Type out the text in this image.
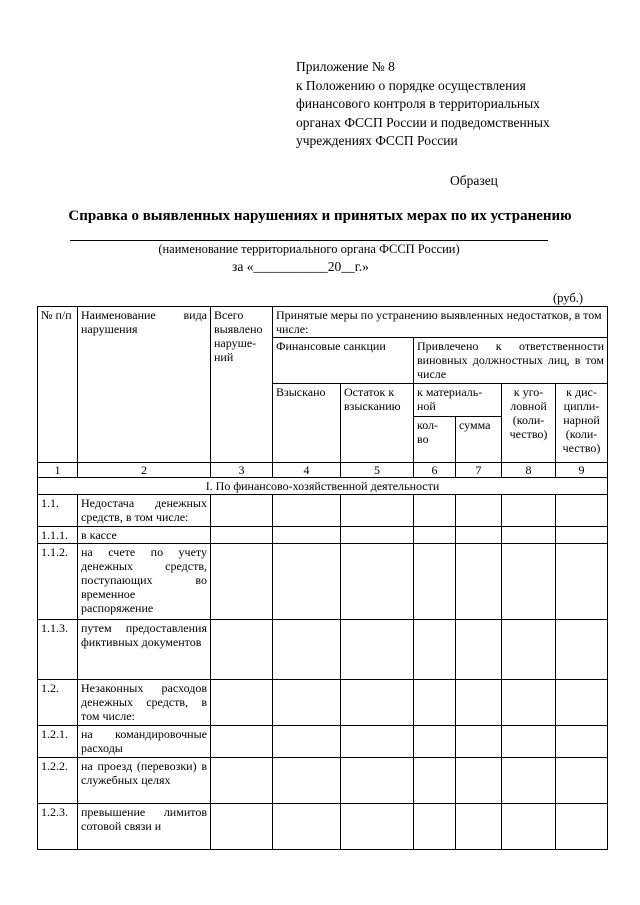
Приложение № 8
к Положению о порядке осуществления
финансового контроля в территориальных
органах ФССП России и подведомственных
учреждениях ФССП России
Образец
Справка о выявленных нарушениях и принятых мерах по их устранению
(наименование территориального органа ФССП России)
за «___________20__г.»
(руб.)
№ п/п	Наименование вида нарушения	Всего выявлено наруше- ний	Принятые меры по устранению выявленных недостатков, в том числе:					
			Финансовые санкции		Привлечено к ответственности виновных должностных лиц, в том числе			
			Взыскано	Остаток к взысканию	к материаль- ной		к уго- ловной (коли- чество)	к дис- ципли- нарной (коли- чество)
					кол- во	сумма		
1	2	3	4	5	6	7	8	9
I. По финансово-хозяйственной деятельности								
1.1.	Недостача денежных средств, в том числе:							
1.1.1.	в кассе							
1.1.2.	на счете по учету денежных средств, поступающих во временное распоряжение							
1.1.3.	путем предоставления фиктивных документов							
1.2.	Незаконных расходов денежных средств, в том числе:							
1.2.1.	на командировочные расходы							
1.2.2.	на проезд (перевозки) в служебных целях							
1.2.3.	превышение лимитов сотовой связи и							
